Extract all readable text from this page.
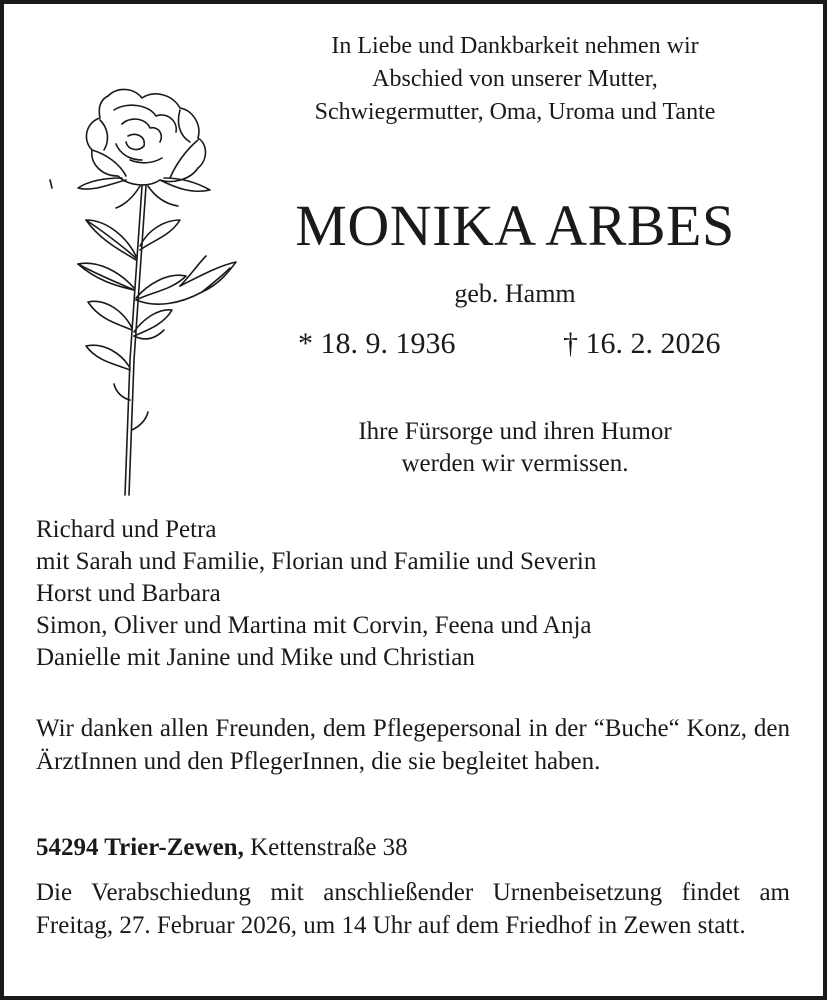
In Liebe und Dankbarkeit nehmen wir
Abschied von unserer Mutter,
Schwiegermutter, Oma, Uroma und Tante
MONIKA ARBES
geb. Hamm
* 18. 9. 1936	† 16. 2. 2026
Ihre Fürsorge und ihren Humor
werden wir vermissen.
Richard und Petra
mit Sarah und Familie, Florian und Familie und Severin
Horst und Barbara
Simon, Oliver und Martina mit Corvin, Feena und Anja
Danielle mit Janine und Mike und Christian
Wir danken allen Freunden, dem Pflegepersonal in der “Buche“ Konz, den ÄrztInnen und den PflegerInnen, die sie begleitet haben.
54294 Trier-Zewen, Kettenstraße 38
Die Verabschiedung mit anschließender Urnenbeisetzung findet am Freitag, 27. Februar 2026, um 14 Uhr auf dem Friedhof in Zewen statt.
